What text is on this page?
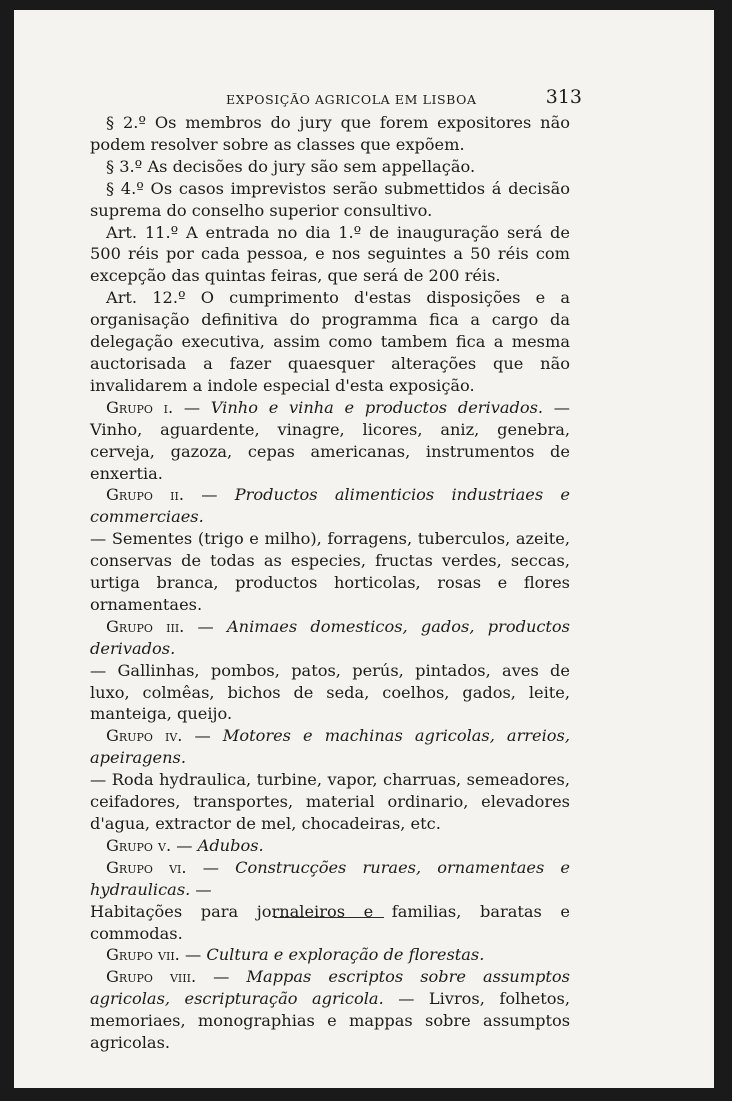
EXPOSIÇÃO AGRICOLA EM LISBOA	313

§ 2.º Os membros do jury que forem expositores não podem resolver sobre as classes que expõem.

§ 3.º As decisões do jury são sem appellação.

§ 4.º Os casos imprevistos serão submettidos á decisão suprema do conselho superior consultivo.

Art. 11.º A entrada no dia 1.º de inauguração será de 500 réis por cada pessoa, e nos seguintes a 50 réis com excepção das quintas feiras, que será de 200 réis.

Art. 12.º O cumprimento d'estas disposições e a organisação definitiva do programma fica a cargo da delegação executiva, assim como tambem fica a mesma auctorisada a fazer quaesquer alterações que não invalidarem a indole especial d'esta exposição.

Grupo i. — Vinho e vinha e productos derivados. — Vinho, aguardente, vinagre, licores, aniz, genebra, cerveja, gazoza, cepas americanas, instrumentos de enxertia.

Grupo ii. — Productos alimenticios industriaes e commerciaes.
— Sementes (trigo e milho), forragens, tuberculos, azeite, conservas de todas as especies, fructas verdes, seccas, urtiga branca, productos horticolas, rosas e flores ornamentaes.

Grupo iii. — Animaes domesticos, gados, productos derivados.
— Gallinhas, pombos, patos, perús, pintados, aves de luxo, colmêas, bichos de seda, coelhos, gados, leite, manteiga, queijo.

Grupo iv. — Motores e machinas agricolas, arreios, apeiragens.
— Roda hydraulica, turbine, vapor, charruas, semeadores, ceifadores, transportes, material ordinario, elevadores d'agua, extractor de mel, chocadeiras, etc.

Grupo v. — Adubos.

Grupo vi. — Construcções ruraes, ornamentaes e hydraulicas. —
Habitações para jornaleiros e familias, baratas e commodas.

Grupo vii. — Cultura e exploração de florestas.

Grupo viii. — Mappas escriptos sobre assumptos agricolas, escripturação agricola. — Livros, folhetos, memoriaes, monographias e mappas sobre assumptos agricolas.
